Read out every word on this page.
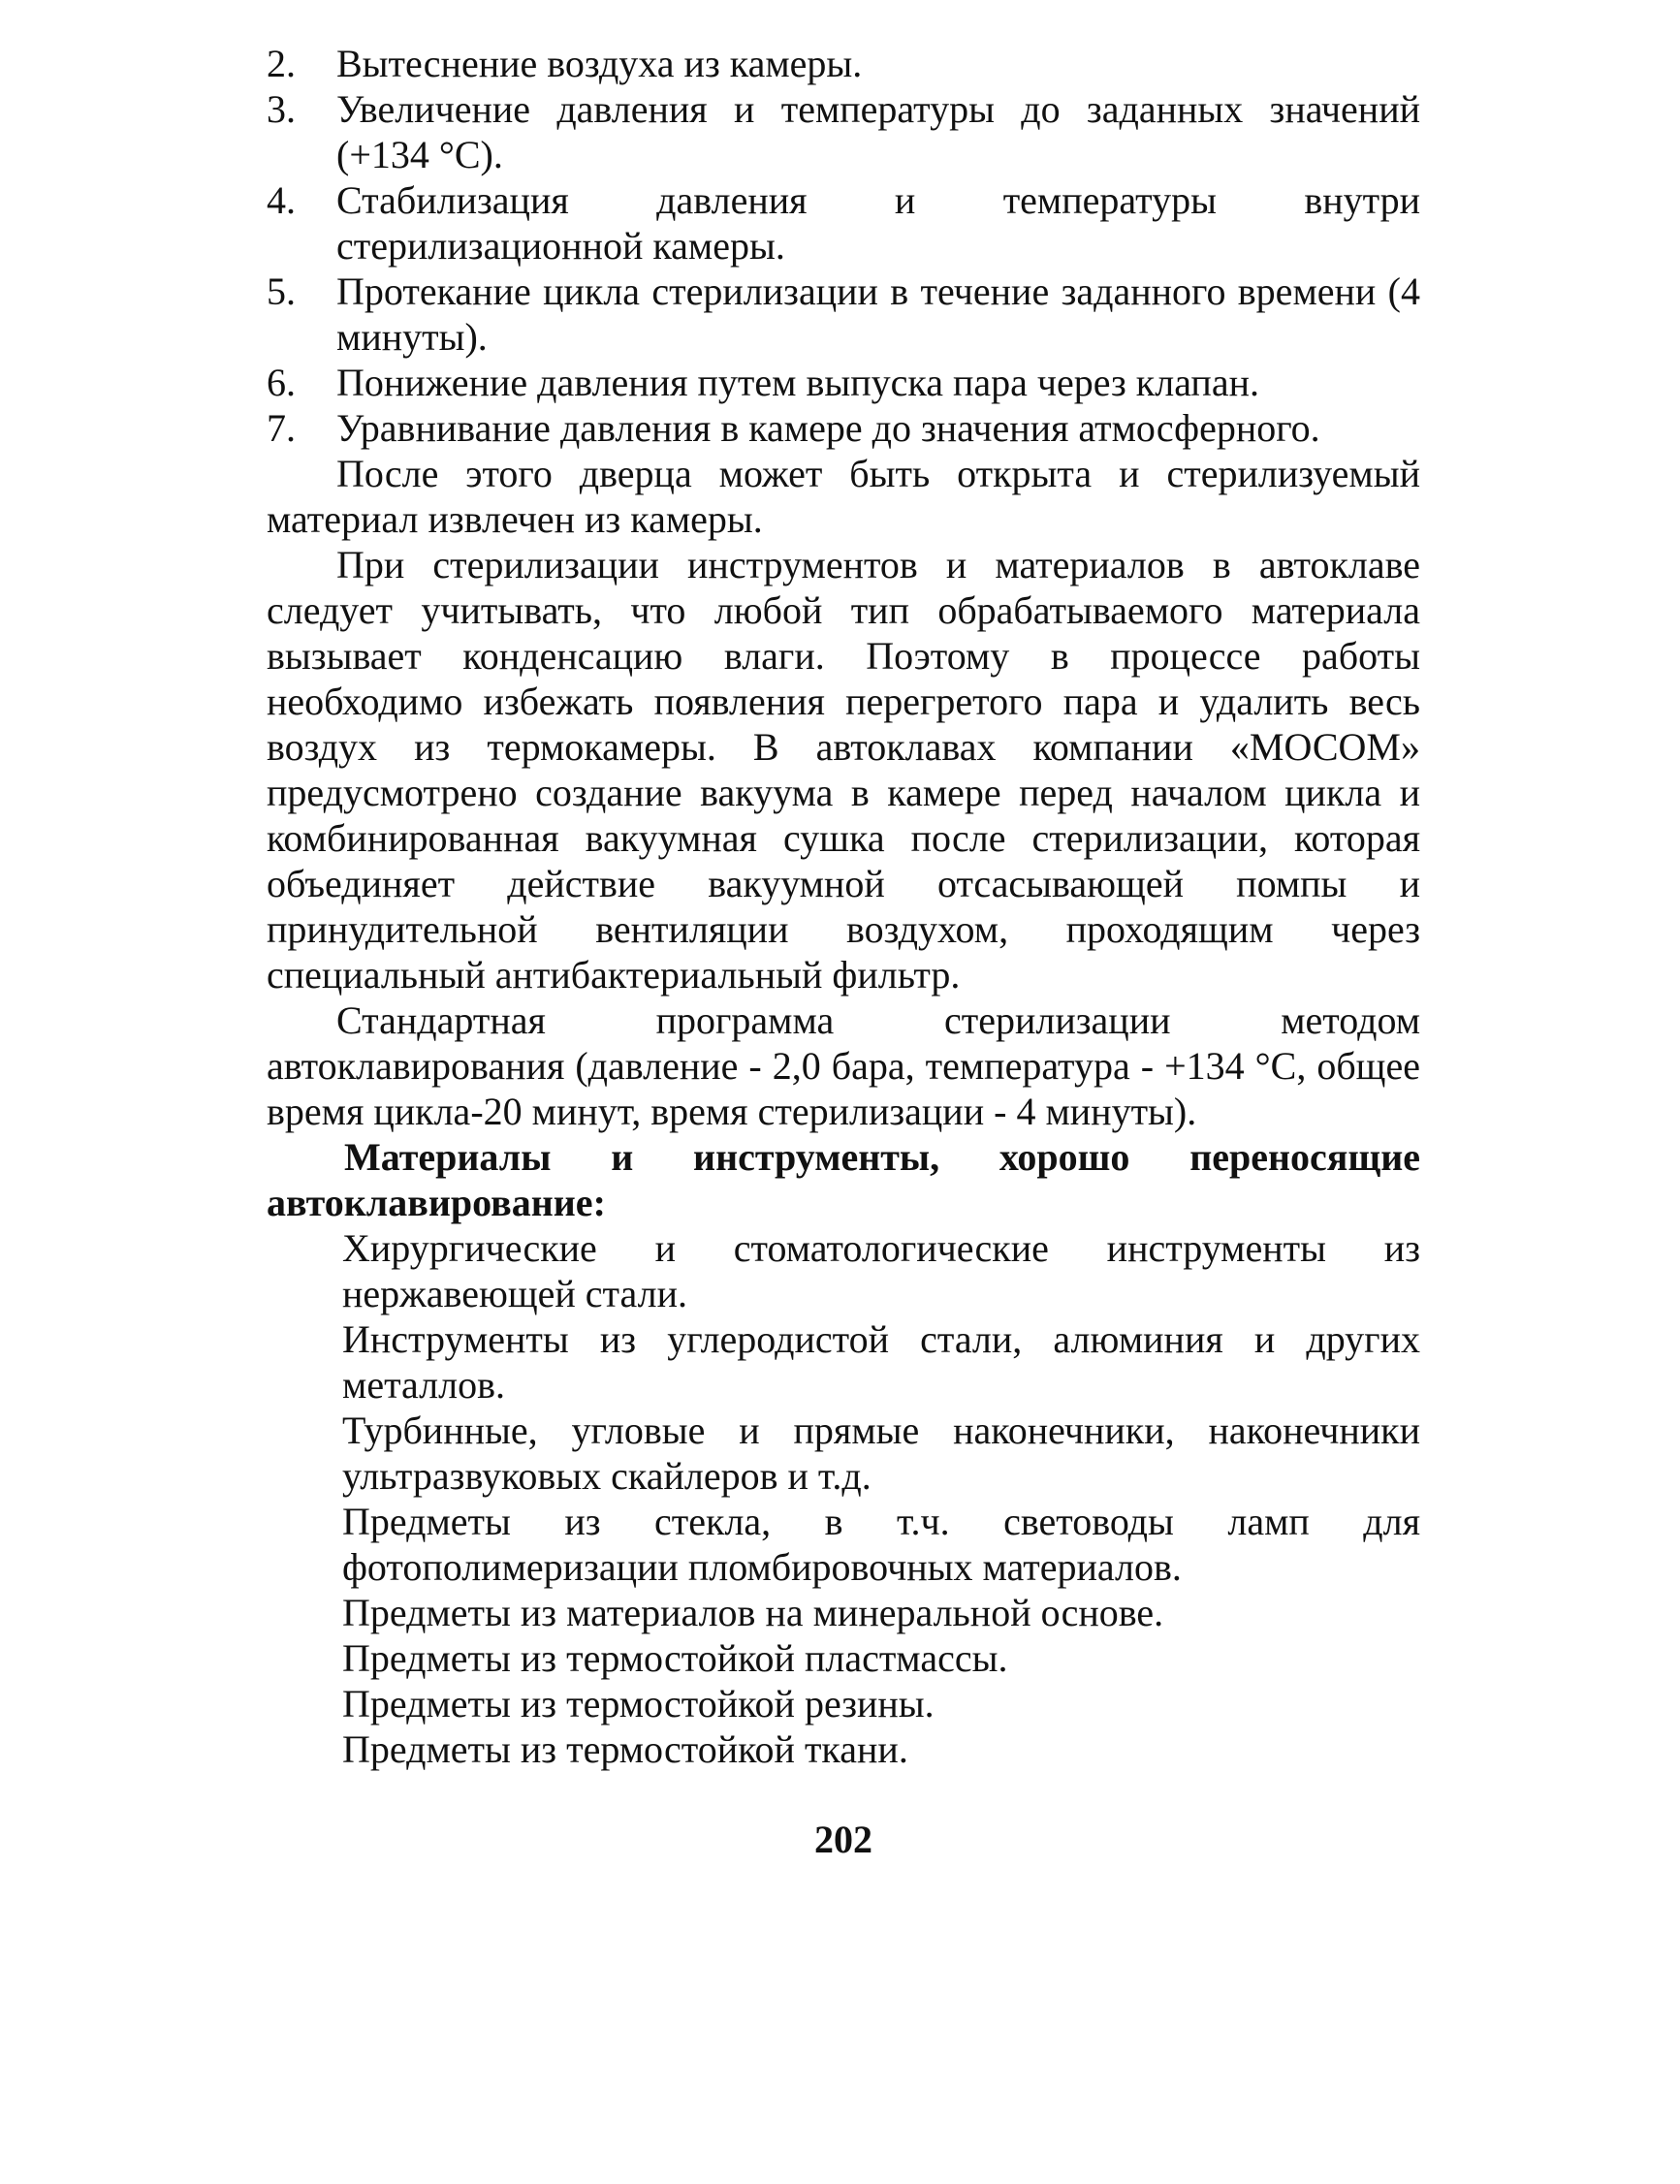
2.	Вытеснение воздуха из камеры.
3.	Увеличение давления и температуры до заданных значений (+134 °С).
4.	Стабилизация давления и температуры внутри стерилизационной камеры.
5.	Протекание цикла стерилизации в течение заданного времени (4 минуты).
6.	Понижение давления путем выпуска пара через клапан.
7.	Уравнивание давления в камере до значения атмосферного.

После этого дверца может быть открыта и стерилизуемый материал извлечен из камеры.

При стерилизации инструментов и материалов в автоклаве следует учитывать, что любой тип обрабатываемого материала вызывает конденсацию влаги. Поэтому в процессе работы необходимо избежать появления перегретого пара и удалить весь воздух из термокамеры. В автоклавах компании «МОСОМ» предусмотрено создание вакуума в камере перед началом цикла и комбинированная вакуумная сушка после стерилизации, которая объединяет действие вакуумной отсасывающей помпы и принудительной вентиляции воздухом, проходящим через специальный антибактериальный фильтр.

Стандартная программа стерилизации методом автоклавирования (давление - 2,0 бара, температура - +134 °С, общее время цикла-20 минут, время стерилизации - 4 минуты).

Материалы и инструменты, хорошо переносящие автоклавирование:

Хирургические и стоматологические инструменты из нержавеющей стали.
Инструменты из углеродистой стали, алюминия и других металлов.
Турбинные, угловые и прямые наконечники, наконечники ультразвуковых скайлеров и т.д.
Предметы из стекла, в т.ч. световоды ламп для фотополимеризации пломбировочных материалов.
Предметы из материалов на минеральной основе.
Предметы из термостойкой пластмассы.
Предметы из термостойкой резины.
Предметы из термостойкой ткани.
202
